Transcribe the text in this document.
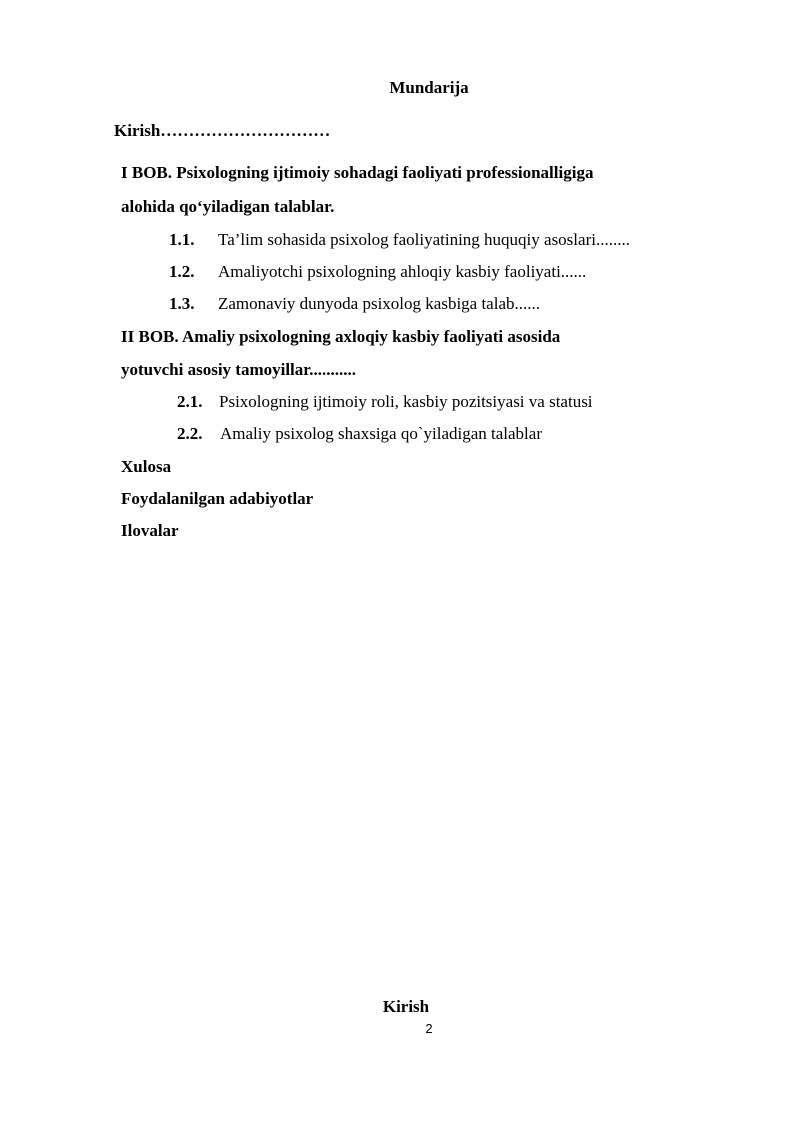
Mundarija
Kirish…………………………
I BOB. Psixologning ijtimoiy sohadagi faoliyati professionalligiga
alohida qo‘yiladigan talablar.
1.1. Ta’lim sohasida psixolog faoliyatining huquqiy asoslari........
1.2. Amaliyotchi psixologning ahloqiy kasbiy faoliyati......
1.3. Zamonaviy dunyoda psixolog kasbiga talab......
II BOB. Amaliy psixologning axloqiy kasbiy faoliyati asosida
yotuvchi asosiy tamoyillar...........
2.1. Psixologning ijtimoiy roli, kasbiy pozitsiyasi va statusi
2.2. Amaliy psixolog shaxsiga qo`yiladigan talablar
Xulosa
Foydalanilgan adabiyotlar
Ilovalar
Kirish
2
